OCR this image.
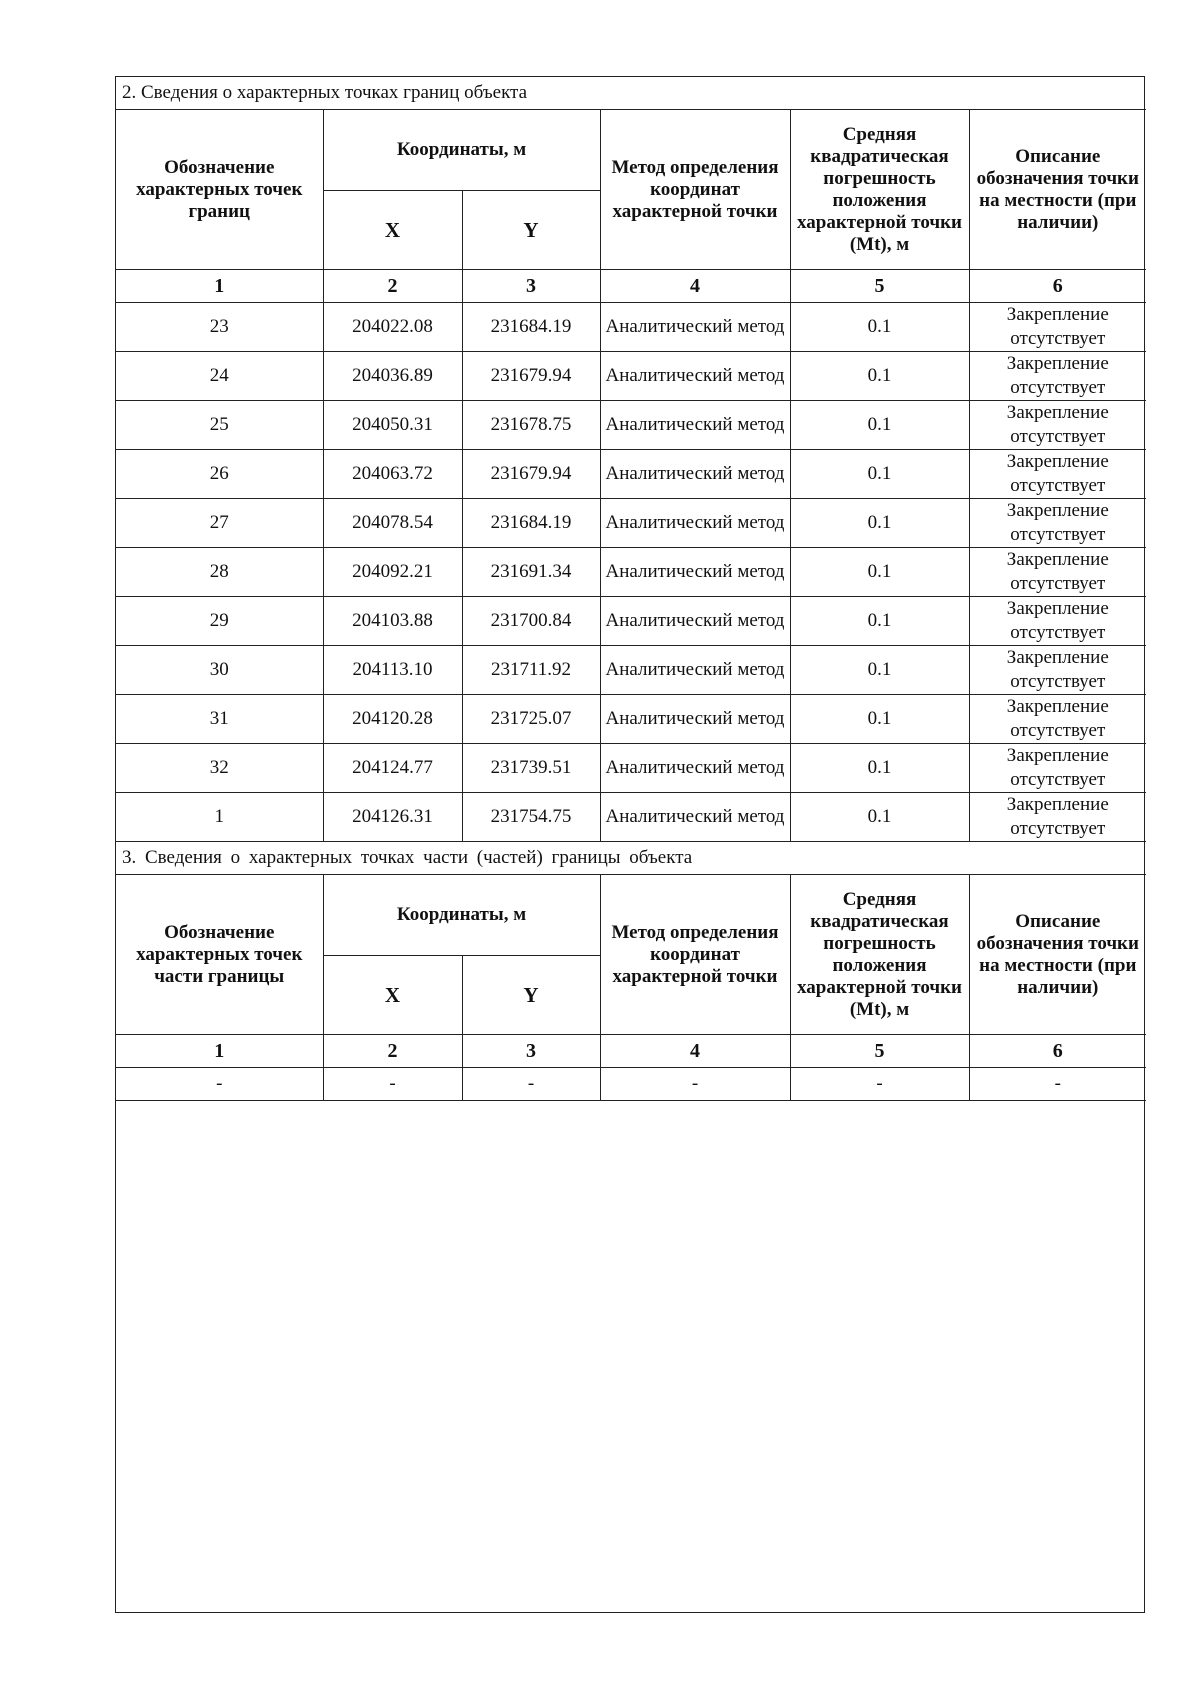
2. Сведения о характерных точках границ объекта					
Обозначение характерных точек границ	Координаты, м		Метод определения координат характерной точки	Средняя квадратическая погрешность положения характерной точки (Mt), м	Описание обозначения точки на местности (при наличии)
	X	Y			
1	2	3	4	5	6
23	204022.08	231684.19	Аналитический метод	0.1	Закрепление отсутствует
24	204036.89	231679.94	Аналитический метод	0.1	Закрепление отсутствует
25	204050.31	231678.75	Аналитический метод	0.1	Закрепление отсутствует
26	204063.72	231679.94	Аналитический метод	0.1	Закрепление отсутствует
27	204078.54	231684.19	Аналитический метод	0.1	Закрепление отсутствует
28	204092.21	231691.34	Аналитический метод	0.1	Закрепление отсутствует
29	204103.88	231700.84	Аналитический метод	0.1	Закрепление отсутствует
30	204113.10	231711.92	Аналитический метод	0.1	Закрепление отсутствует
31	204120.28	231725.07	Аналитический метод	0.1	Закрепление отсутствует
32	204124.77	231739.51	Аналитический метод	0.1	Закрепление отсутствует
1	204126.31	231754.75	Аналитический метод	0.1	Закрепление отсутствует
3. Сведения о характерных точках части (частей) границы объекта					
Обозначение характерных точек части границы	Координаты, м		Метод определения координат характерной точки	Средняя квадратическая погрешность положения характерной точки (Mt), м	Описание обозначения точки на местности (при наличии)
	X	Y			
1	2	3	4	5	6
-	-	-	-	-	-
